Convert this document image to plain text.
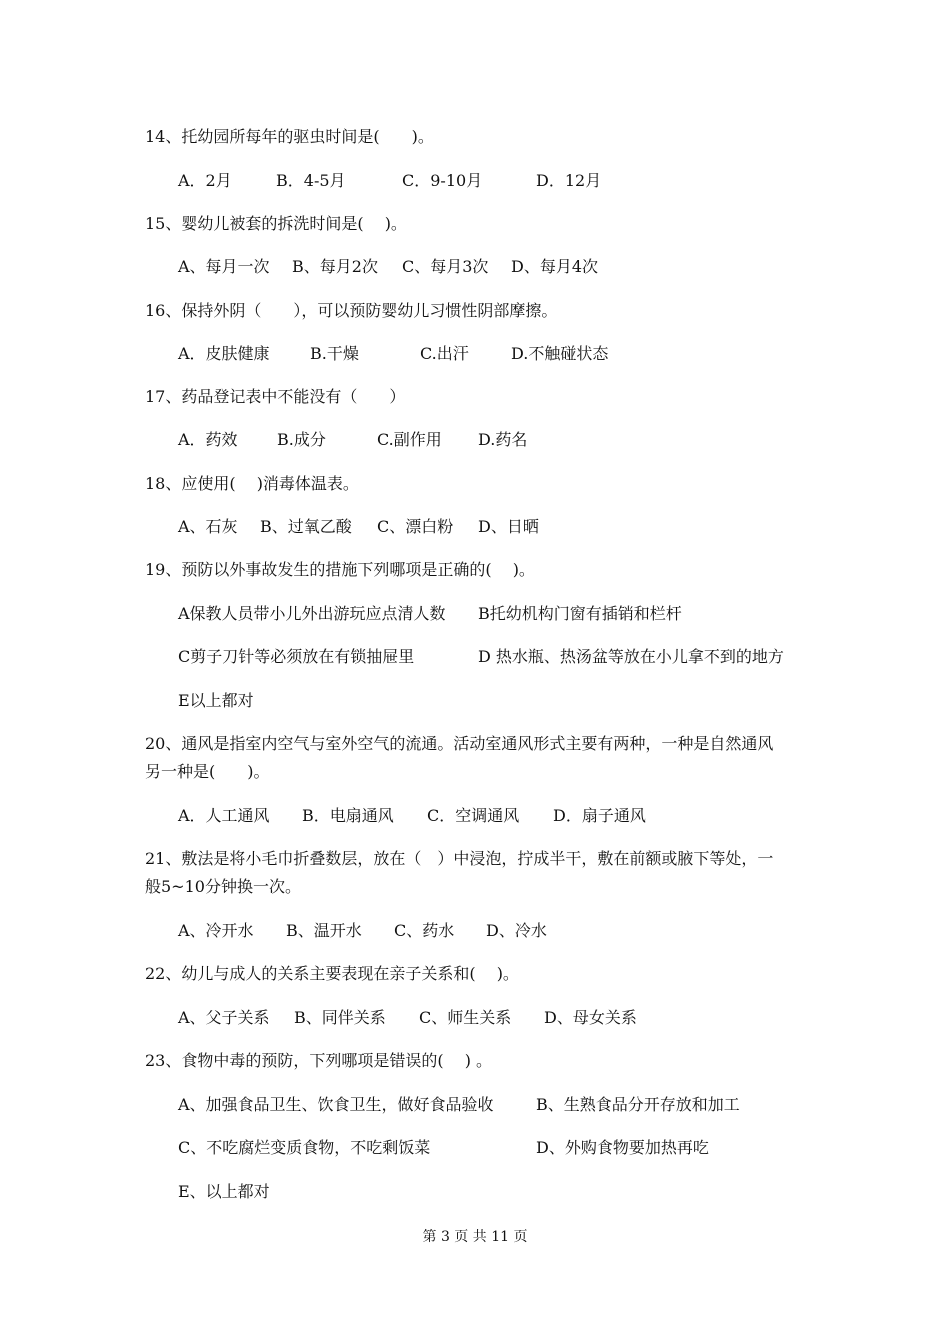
14、托幼园所每年的驱虫时间是(　　)。
A．2月	B．4-5月	C．9-10月	D．12月
15、婴幼儿被套的拆洗时间是(　 )。
A、每月一次 B、每月2次 C、每月3次 D、每月4次
16、保持外阴（　　），可以预防婴幼儿习惯性阴部摩擦。
A．皮肤健康	B.干燥	C.出汗	D.不触碰状态
17、药品登记表中不能没有（　　）
A．药效 B.成分	C.副作用 D.药名
18、应使用(　 )消毒体温表。
A、石灰 B、过氧乙酸 C、漂白粉 D、日晒
19、预防以外事故发生的措施下列哪项是正确的(　 )。
A保教人员带小儿外出游玩应点清人数 B托幼机构门窗有插销和栏杆
C剪子刀针等必须放在有锁抽屉里	D 热水瓶、热汤盆等放在小儿拿不到的地方
E以上都对
20、通风是指室内空气与室外空气的流通。活动室通风形式主要有两种，一种是自然通风
另一种是(　　)。
A．人工通风 B．电扇通风 C．空调通风 D．扇子通风
21、敷法是将小毛巾折叠数层，放在（　）中浸泡，拧成半干，敷在前额或腋下等处，一
般5~10分钟换一次。
A、冷开水 B、温开水 C、药水 D、冷水
22、幼儿与成人的关系主要表现在亲子关系和(　 )。
A、父子关系 B、同伴关系 C、师生关系 D、母女关系
23、食物中毒的预防，下列哪项是错误的(　 ) 。
A、加强食品卫生、饮食卫生，做好食品验收	B、生熟食品分开存放和加工
C、不吃腐烂变质食物，不吃剩饭菜	D、外购食物要加热再吃
E、以上都对
第 3 页 共 11 页
